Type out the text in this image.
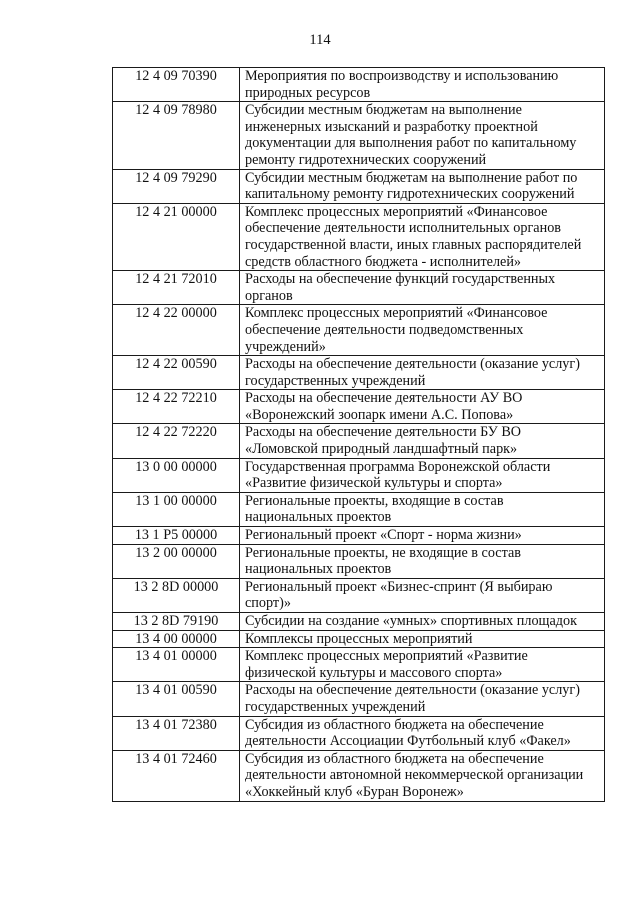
114
12 4 09 70390	Мероприятия по воспроизводству и использованию
природных ресурсов
12 4 09 78980	Субсидии местным бюджетам на выполнение
инженерных изысканий и разработку проектной
документации для выполнения работ по капитальному
ремонту гидротехнических сооружений
12 4 09 79290	Субсидии местным бюджетам на выполнение работ по
капитальному ремонту гидротехнических сооружений
12 4 21 00000	Комплекс процессных мероприятий «Финансовое
обеспечение деятельности исполнительных органов
государственной власти, иных главных распорядителей
средств областного бюджета - исполнителей»
12 4 21 72010	Расходы на обеспечение функций государственных
органов
12 4 22 00000	Комплекс процессных мероприятий «Финансовое
обеспечение деятельности подведомственных
учреждений»
12 4 22 00590	Расходы на обеспечение деятельности (оказание услуг)
государственных учреждений
12 4 22 72210	Расходы на обеспечение деятельности АУ ВО
«Воронежский зоопарк имени А.С. Попова»
12 4 22 72220	Расходы на обеспечение деятельности БУ ВО
«Ломовской природный ландшафтный парк»
13 0 00 00000	Государственная программа Воронежской области
«Развитие физической культуры и спорта»
13 1 00 00000	Региональные проекты, входящие в состав
национальных проектов
13 1 P5 00000	Региональный проект «Спорт - норма жизни»
13 2 00 00000	Региональные проекты, не входящие в состав
национальных проектов
13 2 8D 00000	Региональный проект «Бизнес-спринт (Я выбираю
спорт)»
13 2 8D 79190	Субсидии на создание «умных» спортивных площадок
13 4 00 00000	Комплексы процессных мероприятий
13 4 01 00000	Комплекс процессных мероприятий «Развитие
физической культуры и массового спорта»
13 4 01 00590	Расходы на обеспечение деятельности (оказание услуг)
государственных учреждений
13 4 01 72380	Субсидия из областного бюджета на обеспечение
деятельности Ассоциации Футбольный клуб «Факел»
13 4 01 72460	Субсидия из областного бюджета на обеспечение
деятельности автономной некоммерческой организации
«Хоккейный клуб «Буран Воронеж»
